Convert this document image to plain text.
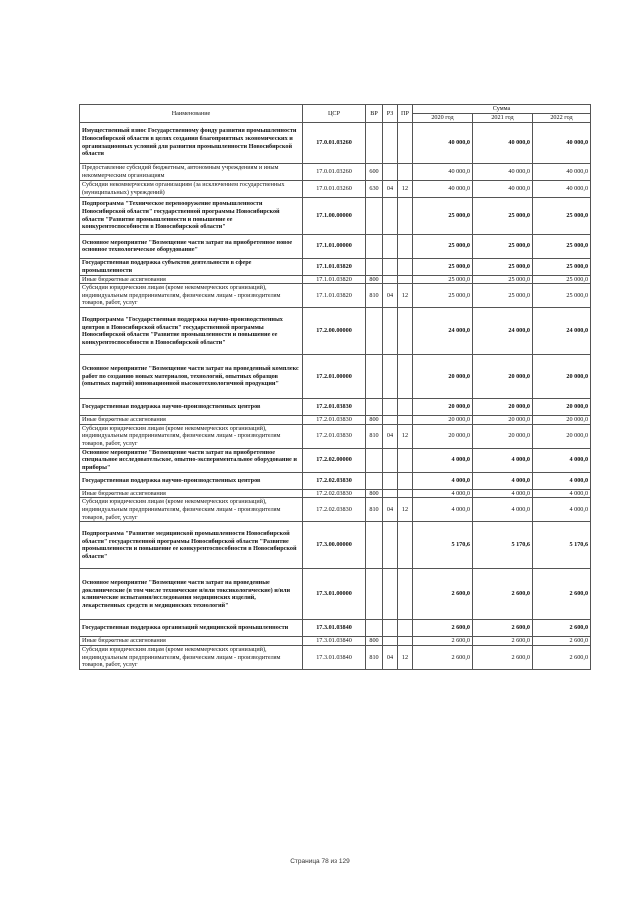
Наименование	ЦСР	ВР	РЗ	ПР	Сумма		
					2020 год	2021 год	2022 год
Имущественный взнос Государственному фонду развития промышленности Новосибирской области в целях создания благоприятных экономических и организационных условий для развития промышленности Новосибирской области	17.0.01.03260				40 000,0	40 000,0	40 000,0
Предоставление субсидий бюджетным, автономным учреждениям и иным некоммерческим организациям	17.0.01.03260	600			40 000,0	40 000,0	40 000,0
Субсидии некоммерческим организациям (за исключением государственных (муниципальных) учреждений)	17.0.01.03260	630	04	12	40 000,0	40 000,0	40 000,0
Подпрограмма "Техническое перевооружение промышленности Новосибирской области" государственной программы Новосибирской области "Развитие промышленности и повышение ее конкурентоспособности в Новосибирской области"	17.1.00.00000				25 000,0	25 000,0	25 000,0
Основное мероприятие "Возмещение части затрат на приобретенное новое основное технологическое оборудование"	17.1.01.00000				25 000,0	25 000,0	25 000,0
Государственная поддержка субъектов деятельности в сфере промышленности	17.1.01.03820				25 000,0	25 000,0	25 000,0
Иные бюджетные ассигнования	17.1.01.03820	800			25 000,0	25 000,0	25 000,0
Субсидии юридическим лицам (кроме некоммерческих организаций), индивидуальным предпринимателям, физическим лицам - производителям товаров, работ, услуг	17.1.01.03820	810	04	12	25 000,0	25 000,0	25 000,0
Подпрограмма "Государственная поддержка научно-производственных центров в Новосибирской области" государственной программы Новосибирской области "Развитие промышленности и повышение ее конкурентоспособности в Новосибирской области"	17.2.00.00000				24 000,0	24 000,0	24 000,0
Основное мероприятие "Возмещение части затрат на проведенный комплекс работ по созданию новых материалов, технологий, опытных образцов (опытных партий) инновационной высокотехнологичной продукции"	17.2.01.00000				20 000,0	20 000,0	20 000,0
Государственная поддержка научно-производственных центров	17.2.01.03830				20 000,0	20 000,0	20 000,0
Иные бюджетные ассигнования	17.2.01.03830	800			20 000,0	20 000,0	20 000,0
Субсидии юридическим лицам (кроме некоммерческих организаций), индивидуальным предпринимателям, физическим лицам - производителям товаров, работ, услуг	17.2.01.03830	810	04	12	20 000,0	20 000,0	20 000,0
Основное мероприятие "Возмещение части затрат на приобретенное специальное исследовательское, опытно-экспериментальное оборудование и приборы"	17.2.02.00000				4 000,0	4 000,0	4 000,0
Государственная поддержка научно-производственных центров	17.2.02.03830				4 000,0	4 000,0	4 000,0
Иные бюджетные ассигнования	17.2.02.03830	800			4 000,0	4 000,0	4 000,0
Субсидии юридическим лицам (кроме некоммерческих организаций), индивидуальным предпринимателям, физическим лицам - производителям товаров, работ, услуг	17.2.02.03830	810	04	12	4 000,0	4 000,0	4 000,0
Подпрограмма "Развитие медицинской промышленности Новосибирской области" государственной программы Новосибирской области "Развитие промышленности и повышение ее конкурентоспособности в Новосибирской области"	17.3.00.00000				5 170,6	5 170,6	5 170,6
Основное мероприятие "Возмещение части затрат на проведенные доклинические (в том числе технические и/или токсикологические) и/или клинические испытания/исследования медицинских изделий, лекарственных средств и медицинских технологий"	17.3.01.00000				2 600,0	2 600,0	2 600,0
Государственная поддержка организаций медицинской промышленности	17.3.01.03840				2 600,0	2 600,0	2 600,0
Иные бюджетные ассигнования	17.3.01.03840	800			2 600,0	2 600,0	2 600,0
Субсидии юридическим лицам (кроме некоммерческих организаций), индивидуальным предпринимателям, физическим лицам - производителям товаров, работ, услуг	17.3.01.03840	810	04	12	2 600,0	2 600,0	2 600,0
Страница 78 из 129
